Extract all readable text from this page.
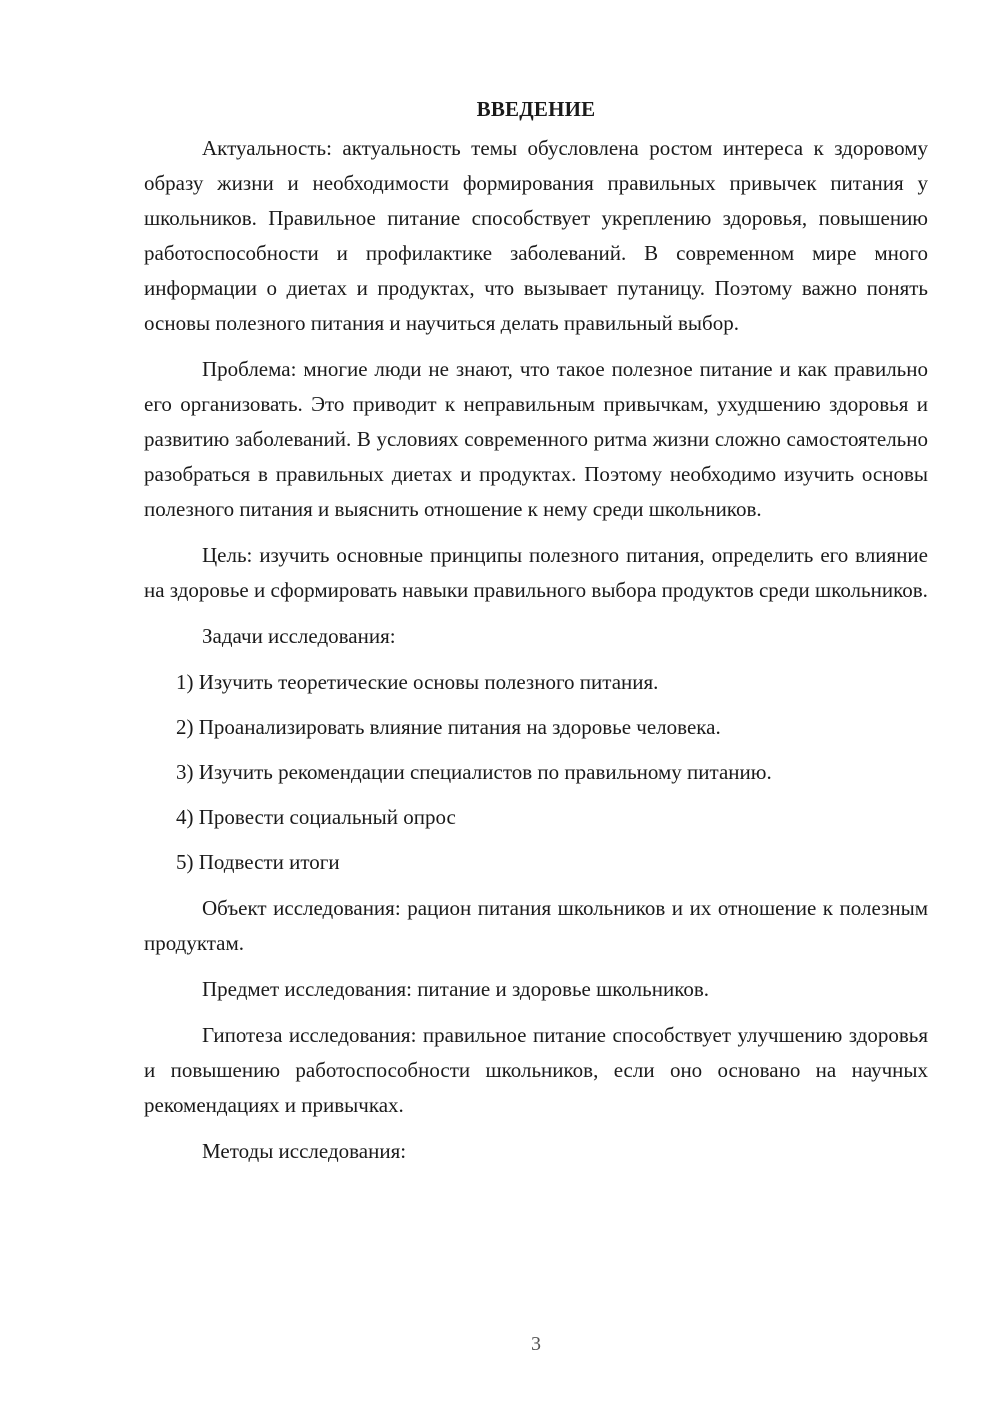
ВВЕДЕНИЕ

Актуальность: актуальность темы обусловлена ростом интереса к здоровому образу жизни и необходимости формирования правильных привычек питания у школьников. Правильное питание способствует укреплению здоровья, повышению работоспособности и профилактике заболеваний. В современном мире много информации о диетах и продуктах, что вызывает путаницу. Поэтому важно понять основы полезного питания и научиться делать правильный выбор.

Проблема: многие люди не знают, что такое полезное питание и как правильно его организовать. Это приводит к неправильным привычкам, ухудшению здоровья и развитию заболеваний. В условиях современного ритма жизни сложно самостоятельно разобраться в правильных диетах и продуктах. Поэтому необходимо изучить основы полезного питания и выяснить отношение к нему среди школьников.

Цель: изучить основные принципы полезного питания, определить его влияние на здоровье и сформировать навыки правильного выбора продуктов среди школьников.

Задачи исследования:

1) Изучить теоретические основы полезного питания.
2) Проанализировать влияние питания на здоровье человека.
3) Изучить рекомендации специалистов по правильному питанию.
4) Провести социальный опрос
5) Подвести итоги

Объект исследования: рацион питания школьников и их отношение к полезным продуктам.

Предмет исследования: питание и здоровье школьников.

Гипотеза исследования: правильное питание способствует улучшению здоровья и повышению работоспособности школьников, если оно основано на научных рекомендациях и привычках.

Методы исследования:

3
